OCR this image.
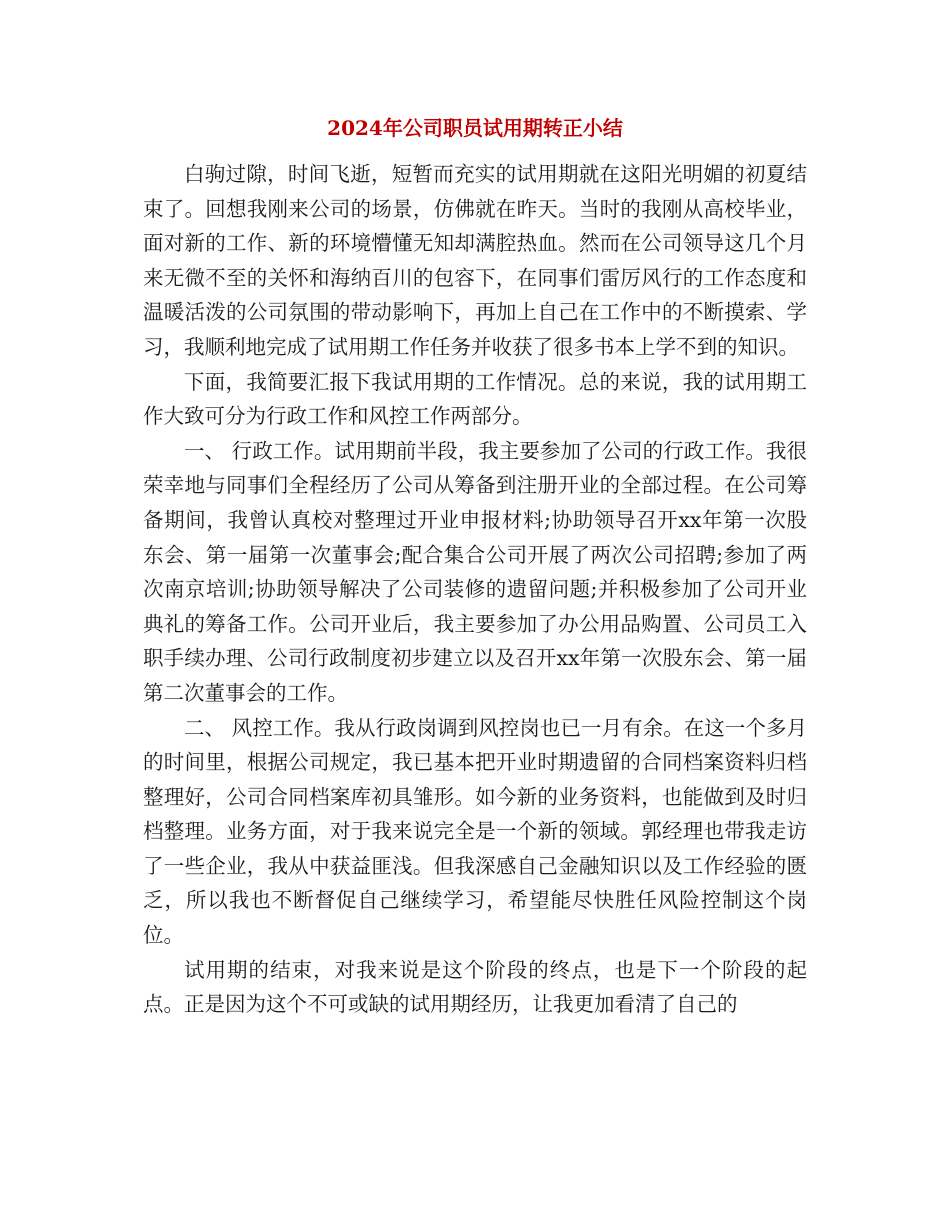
2024年公司职员试用期转正小结

白驹过隙，时间飞逝，短暂而充实的试用期就在这阳光明媚的初夏结束了。回想我刚来公司的场景，仿佛就在昨天。当时的我刚从高校毕业，面对新的工作、新的环境懵懂无知却满腔热血。然而在公司领导这几个月来无微不至的关怀和海纳百川的包容下，在同事们雷厉风行的工作态度和温暖活泼的公司氛围的带动影响下，再加上自己在工作中的不断摸索、学习，我顺利地完成了试用期工作任务并收获了很多书本上学不到的知识。

下面，我简要汇报下我试用期的工作情况。总的来说，我的试用期工作大致可分为行政工作和风控工作两部分。

一、 行政工作。试用期前半段，我主要参加了公司的行政工作。我很荣幸地与同事们全程经历了公司从筹备到注册开业的全部过程。在公司筹备期间，我曾认真校对整理过开业申报材料;协助领导召开xx年第一次股东会、第一届第一次董事会;配合集合公司开展了两次公司招聘;参加了两次南京培训;协助领导解决了公司装修的遗留问题;并积极参加了公司开业典礼的筹备工作。公司开业后，我主要参加了办公用品购置、公司员工入职手续办理、公司行政制度初步建立以及召开xx年第一次股东会、第一届第二次董事会的工作。

二、 风控工作。我从行政岗调到风控岗也已一月有余。在这一个多月的时间里，根据公司规定，我已基本把开业时期遗留的合同档案资料归档整理好，公司合同档案库初具雏形。如今新的业务资料，也能做到及时归档整理。业务方面，对于我来说完全是一个新的领域。郭经理也带我走访了一些企业，我从中获益匪浅。但我深感自己金融知识以及工作经验的匮乏，所以我也不断督促自己继续学习，希望能尽快胜任风险控制这个岗位。

试用期的结束，对我来说是这个阶段的终点，也是下一个阶段的起点。正是因为这个不可或缺的试用期经历，让我更加看清了自己的
